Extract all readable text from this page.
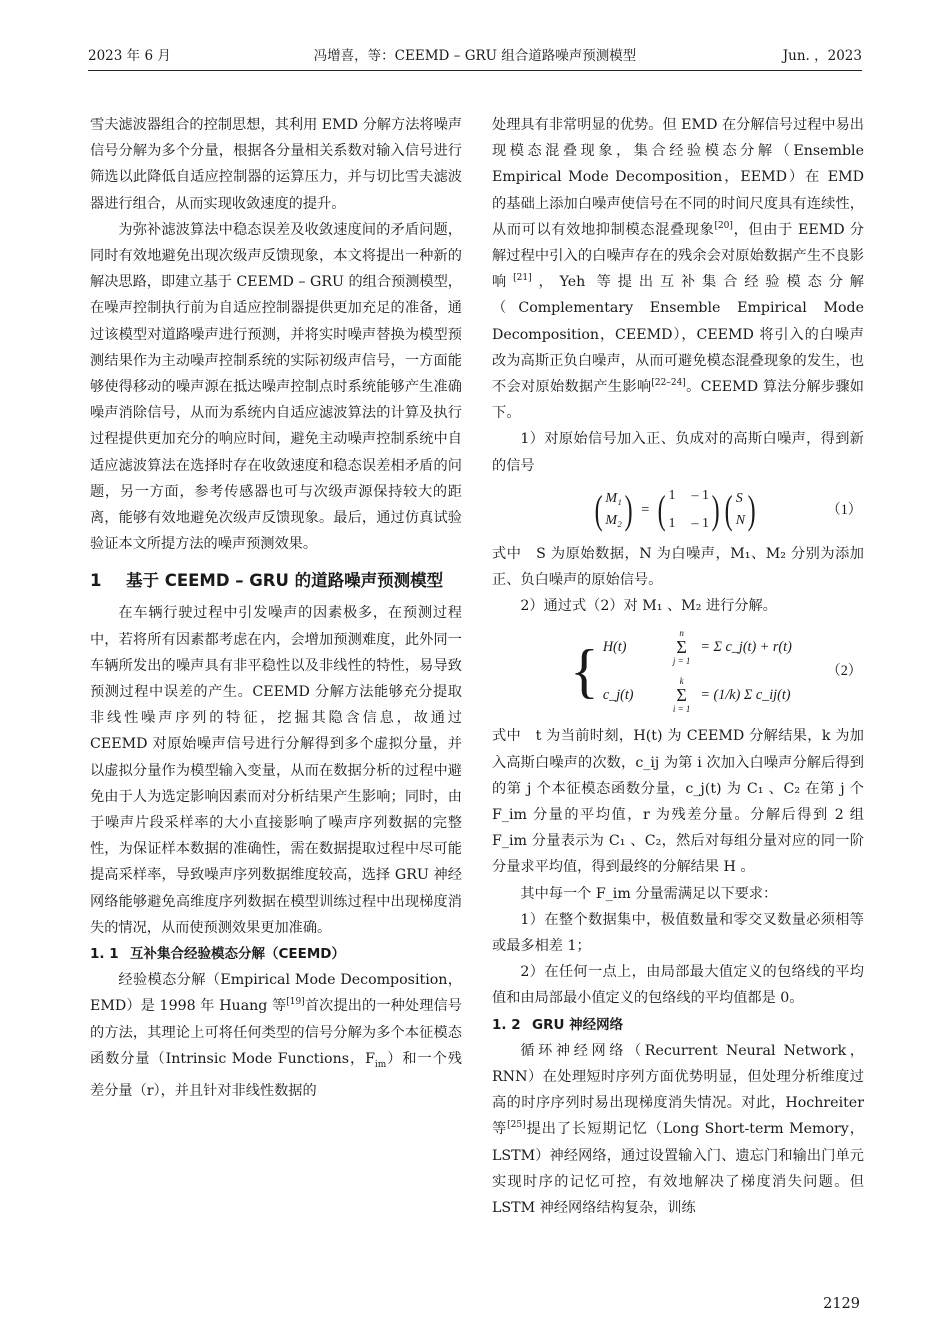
2023 年 6 月	冯增喜，等：CEEMD – GRU 组合道路噪声预测模型	Jun. ，2023

雪夫滤波器组合的控制思想，其利用 EMD 分解方法将噪声信号分解为多个分量，根据各分量相关系数对输入信号进行筛选以此降低自适应控制器的运算压力，并与切比雪夫滤波器进行组合，从而实现收敛速度的提升。

为弥补滤波算法中稳态误差及收敛速度间的矛盾问题，同时有效地避免出现次级声反馈现象，本文将提出一种新的解决思路，即建立基于 CEEMD – GRU 的组合预测模型，在噪声控制执行前为自适应控制器提供更加充足的准备，通过该模型对道路噪声进行预测，并将实时噪声替换为模型预测结果作为主动噪声控制系统的实际初级声信号，一方面能够使得移动的噪声源在抵达噪声控制点时系统能够产生准确噪声消除信号，从而为系统内自适应滤波算法的计算及执行过程提供更加充分的响应时间，避免主动噪声控制系统中自适应滤波算法在选择时存在收敛速度和稳态误差相矛盾的问题，另一方面，参考传感器也可与次级声源保持较大的距离，能够有效地避免次级声反馈现象。最后，通过仿真试验验证本文所提方法的噪声预测效果。

1	基于 CEEMD – GRU 的道路噪声预测模型

在车辆行驶过程中引发噪声的因素极多，在预测过程中，若将所有因素都考虑在内，会增加预测难度，此外同一车辆所发出的噪声具有非平稳性以及非线性的特性，易导致预测过程中误差的产生。CEEMD 分解方法能够充分提取非线性噪声序列的特征，挖掘其隐含信息，故通过 CEEMD 对原始噪声信号进行分解得到多个虚拟分量，并以虚拟分量作为模型输入变量，从而在数据分析的过程中避免由于人为选定影响因素而对分析结果产生影响；同时，由于噪声片段采样率的大小直接影响了噪声序列数据的完整性，为保证样本数据的准确性，需在数据提取过程中尽可能提高采样率，导致噪声序列数据维度较高，选择 GRU 神经网络能够避免高维度序列数据在模型训练过程中出现梯度消失的情况，从而使预测效果更加准确。

1. 1 互补集合经验模态分解（CEEMD）

经验模态分解（Empirical Mode Decomposition，EMD）是 1998 年 Huang 等[19]首次提出的一种处理信号的方法，其理论上可将任何类型的信号分解为多个本征模态函数分量（Intrinsic Mode Functions，$F_{im}$）和一个残差分量（r），并且针对非线性数据的

处理具有非常明显的优势。但 EMD 在分解信号过程中易出现模态混叠现象，集合经验模态分解（Ensemble Empirical Mode Decomposition，EEMD）在 EMD 的基础上添加白噪声使信号在不同的时间尺度具有连续性，从而可以有效地抑制模态混叠现象[20]，但由于 EEMD 分解过程中引入的白噪声存在的残余会对原始数据产生不良影响[21]，Yeh 等提出互补集合经验模态分解（Complementary Ensemble Empirical Mode Decomposition，CEEMD），CEEMD 将引入的白噪声改为高斯正负白噪声，从而可避免模态混叠现象的发生，也不会对原始数据产生影响[22–24]。CEEMD 算法分解步骤如下。

1）对原始信号加入正、负成对的高斯白噪声，得到新的信号

( M₁
M₂ ) = ( 1 – 1
1 – 1 ) ( S
N )	（1）

式中　S 为原始数据，N 为白噪声，M₁、M₂ 分别为添加正、负白噪声的原始信号。

2）通过式（2）对 M₁ 、M₂ 进行分解。

{ H(t)
n
Σ
j = 1
= Σ c_j(t) + r(t)
c_j(t)
k
Σ
i = 1
= (1/k) Σ c_ij(t)
（2）

式中　t 为当前时刻，H(t) 为 CEEMD 分解结果，k 为加入高斯白噪声的次数，c_ij 为第 i 次加入白噪声分解后得到的第 j 个本征模态函数分量，c_j(t) 为 C₁ 、C₂ 在第 j 个 F_im 分量的平均值，r 为残差分量。分解后得到 2 组 F_im 分量表示为 C₁ 、C₂，然后对每组分量对应的同一阶分量求平均值，得到最终的分解结果 H 。

其中每一个 F_im 分量需满足以下要求：

1）在整个数据集中，极值数量和零交叉数量必须相等或最多相差 1；

2）在任何一点上，由局部最大值定义的包络线的平均值和由局部最小值定义的包络线的平均值都是 0。

1. 2 GRU 神经网络

循环神经网络（Recurrent Neural Network，RNN）在处理短时序列方面优势明显，但处理分析维度过高的时序序列时易出现梯度消失情况。对此，Hochreiter 等[25]提出了长短期记忆（Long Short-term Memory，LSTM）神经网络，通过设置输入门、遗忘门和输出门单元实现时序的记忆可控，有效地解决了梯度消失问题。但 LSTM 神经网络结构复杂，训练

2129
